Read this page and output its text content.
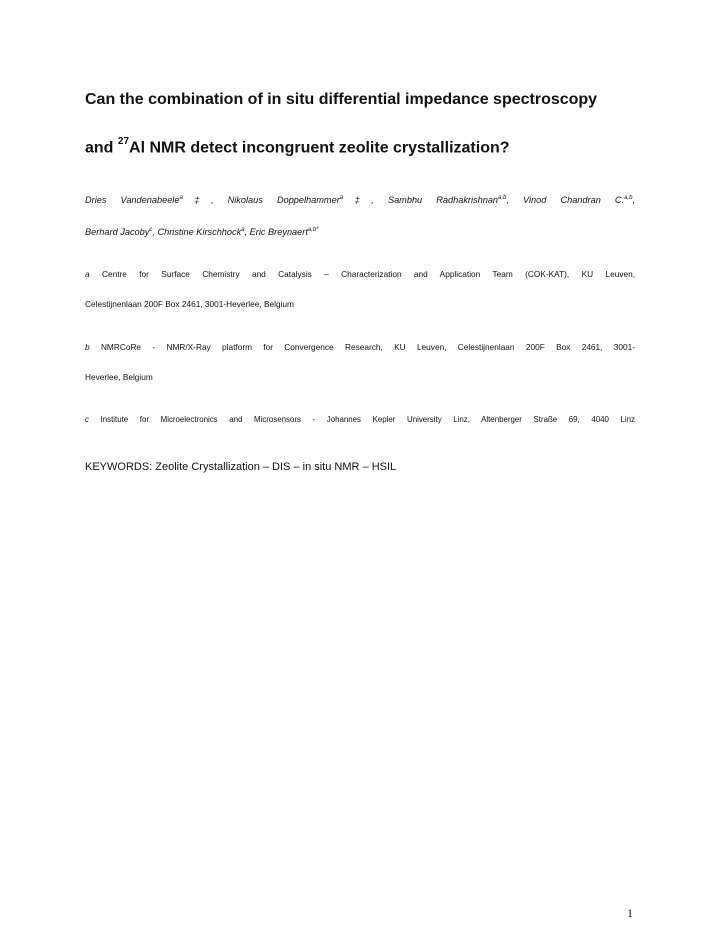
Can the combination of in situ differential impedance spectroscopy
and $^{27}$Al NMR detect incongruent zeolite crystallization?
Dries Vandenabeele$^a$‡, Nikolaus Doppelhammer$^a$‡, Sambhu Radhakrishnan$^{a,b}$, Vinod Chandran C.$^{a,b}$,
Berhard Jacoby$^c$, Christine Kirschhock$^a$, Eric Breynaert$^{a,b*}$
a Centre for Surface Chemistry and Catalysis – Characterization and Application Team (COK-KAT), KU Leuven,
Celestijnenlaan 200F Box 2461, 3001-Heverlee, Belgium
b NMRCoRe - NMR/X-Ray platform for Convergence Research, KU Leuven, Celestijnenlaan 200F Box 2461, 3001-
Heverlee, Belgium
c Institute for Microelectronics and Microsensors - Johannes Kepler University Linz, Altenberger Straße 69, 4040 Linz
KEYWORDS: Zeolite Crystallization – DIS – in situ NMR – HSIL
1
